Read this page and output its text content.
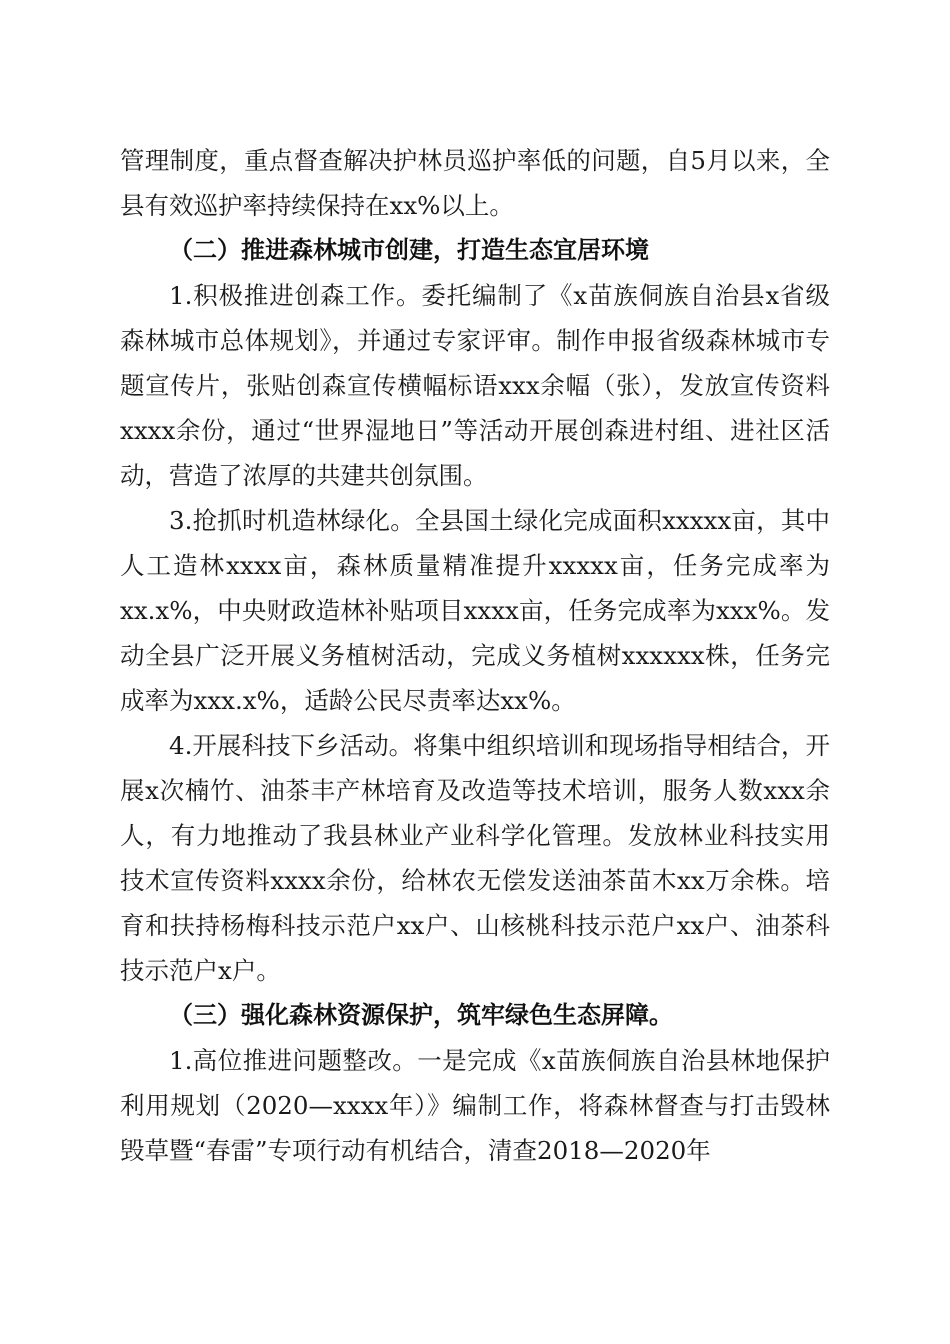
管理制度，重点督查解决护林员巡护率低的问题，自5月以来，全县有效巡护率持续保持在xx%以上。

（二）推进森林城市创建，打造生态宜居环境

1.积极推进创森工作。委托编制了《x苗族侗族自治县x省级森林城市总体规划》，并通过专家评审。制作申报省级森林城市专题宣传片，张贴创森宣传横幅标语xxx余幅（张），发放宣传资料xxxx余份，通过“世界湿地日”等活动开展创森进村组、进社区活动，营造了浓厚的共建共创氛围。

3.抢抓时机造林绿化。全县国土绿化完成面积xxxxx亩，其中人工造林xxxx亩，森林质量精准提升xxxxx亩，任务完成率为xx.x%，中央财政造林补贴项目xxxx亩，任务完成率为xxx%。发动全县广泛开展义务植树活动，完成义务植树xxxxxx株，任务完成率为xxx.x%，适龄公民尽责率达xx%。

4.开展科技下乡活动。将集中组织培训和现场指导相结合，开展x次楠竹、油茶丰产林培育及改造等技术培训，服务人数xxx余人，有力地推动了我县林业产业科学化管理。发放林业科技实用技术宣传资料xxxx余份，给林农无偿发送油茶苗木xx万余株。培育和扶持杨梅科技示范户xx户、山核桃科技示范户xx户、油茶科技示范户x户。

（三）强化森林资源保护，筑牢绿色生态屏障。

1.高位推进问题整改。一是完成《x苗族侗族自治县林地保护利用规划（2020—xxxx年）》编制工作，将森林督查与打击毁林毁草暨“春雷”专项行动有机结合，清查2018—2020年
